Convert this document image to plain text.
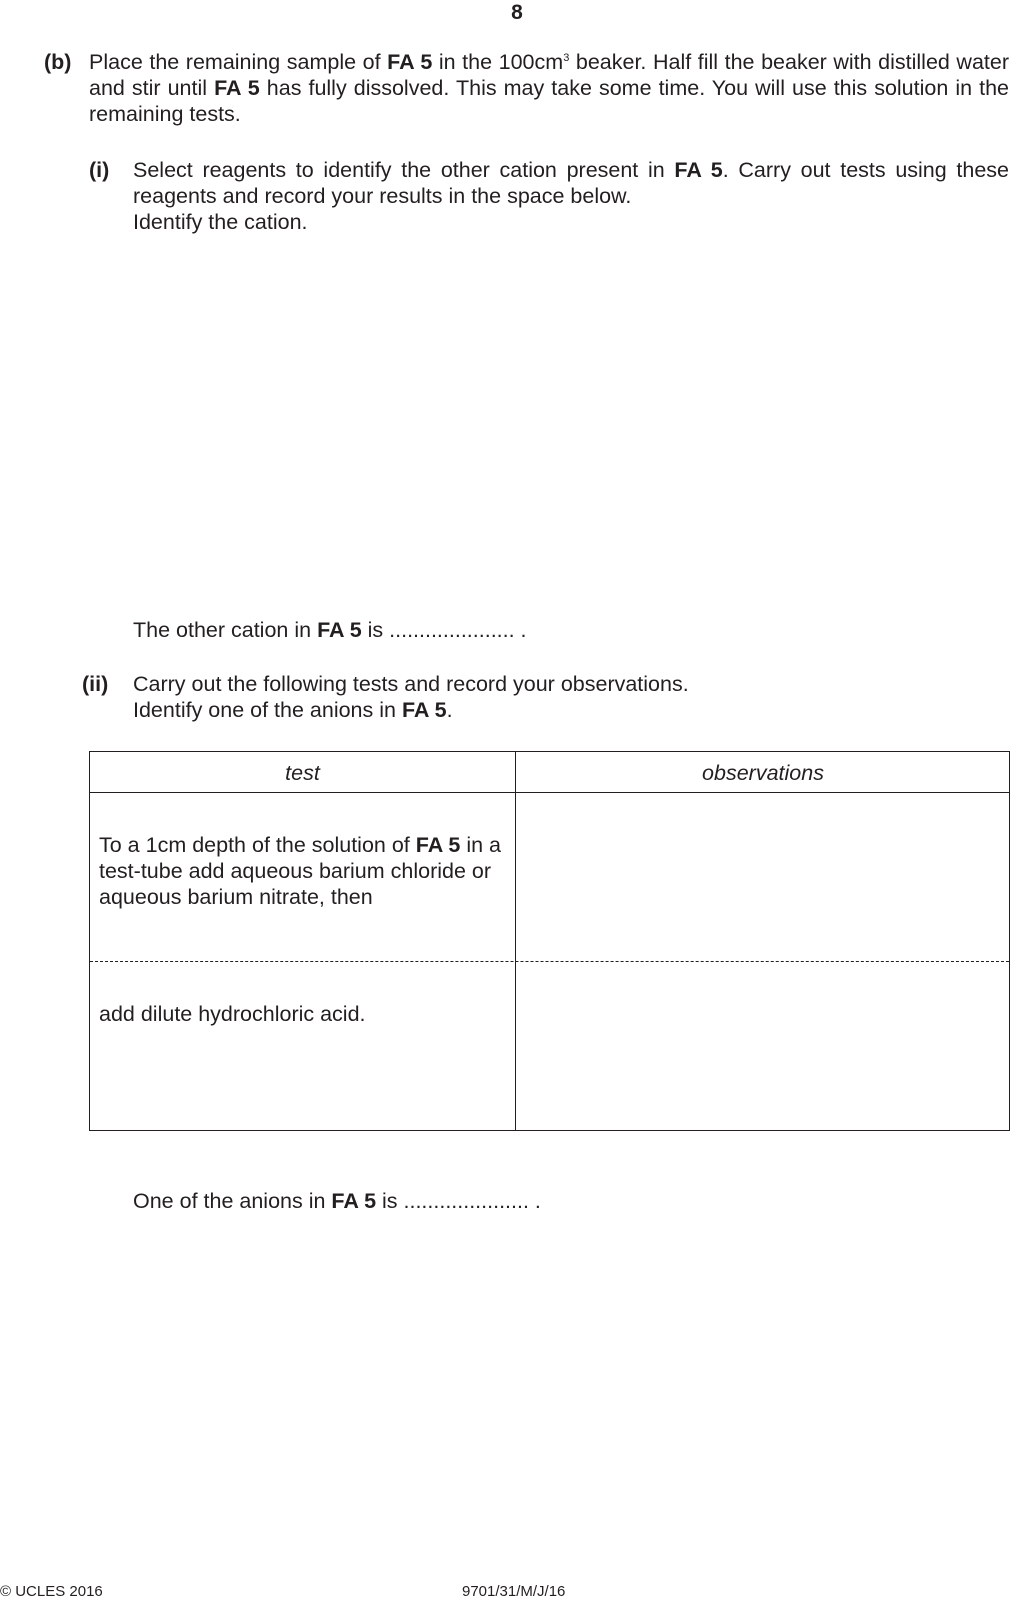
8
(b) Place the remaining sample of FA 5 in the $100cm^3$ beaker. Half fill the beaker with distilled water and stir until FA 5 has fully dissolved. This may take some time. You will use this solution in the remaining tests.
(i) Select reagents to identify the other cation present in FA 5. Carry out tests using these reagents and record your results in the space below.
Identify the cation.
The other cation in FA 5 is ..................... .
(ii) Carry out the following tests and record your observations.
Identify one of the anions in FA 5.
test	observations
To a 1cm depth of the solution of FA 5 in a test-tube add aqueous barium chloride or aqueous barium nitrate, then
add dilute hydrochloric acid.
One of the anions in FA 5 is ..................... .
© UCLES 2016	9701/31/M/J/16
